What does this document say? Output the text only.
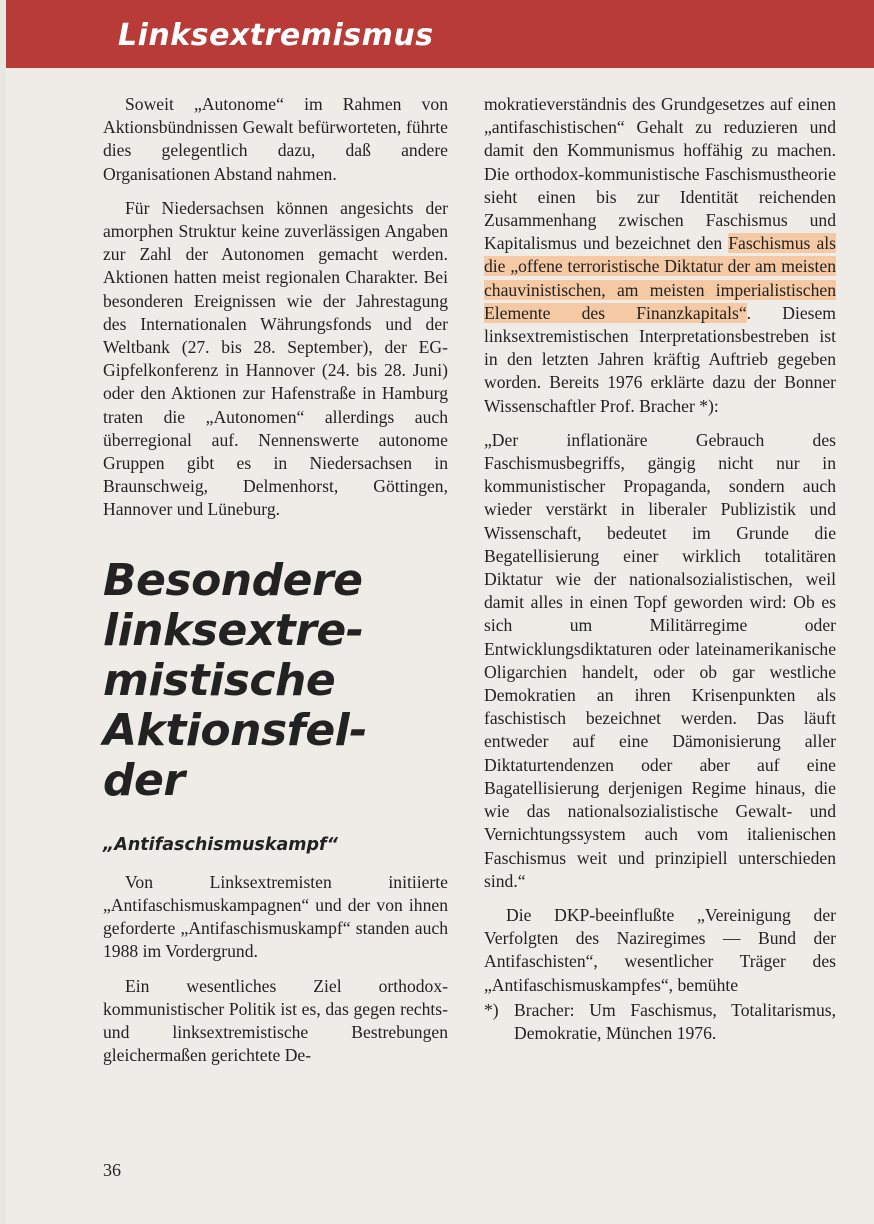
Linksextremismus

Soweit „Autonome“ im Rahmen von Aktionsbündnissen Gewalt befürworteten, führte dies gelegentlich dazu, daß andere Organisationen Abstand nahmen.

Für Niedersachsen können angesichts der amorphen Struktur keine zuverlässigen Angaben zur Zahl der Autonomen gemacht werden. Aktionen hatten meist regionalen Charakter. Bei besonderen Ereignissen wie der Jahrestagung des Internationalen Währungsfonds und der Weltbank (27. bis 28. September), der EG-Gipfelkonferenz in Hannover (24. bis 28. Juni) oder den Aktionen zur Hafenstraße in Hamburg traten die „Autonomen“ allerdings auch überregional auf. Nennenswerte autonome Gruppen gibt es in Niedersachsen in Braunschweig, Delmenhorst, Göttingen, Hannover und Lüneburg.

Besondere
linksextre-
mistische
Aktionsfel-
der
„Antifaschismuskampf“

Von Linksextremisten initiierte „Antifaschismuskampagnen“ und der von ihnen geforderte „Antifaschismuskampf“ standen auch 1988 im Vordergrund.

Ein wesentliches Ziel orthodox-kommunistischer Politik ist es, das gegen rechts- und linksextremistische Bestrebungen gleichermaßen gerichtete De-

mokratieverständnis des Grundgesetzes auf einen „antifaschistischen“ Gehalt zu reduzieren und damit den Kommunismus hoffähig zu machen. Die orthodox-kommunistische Faschismustheorie sieht einen bis zur Identität reichenden Zusammenhang zwischen Faschismus und Kapitalismus und bezeichnet den Faschismus als die „offene terroristische Diktatur der am meisten chauvinistischen, am meisten imperialistischen Elemente des Finanzkapitals“. Diesem linksextremistischen Interpretationsbestreben ist in den letzten Jahren kräftig Auftrieb gegeben worden. Bereits 1976 erklärte dazu der Bonner Wissenschaftler Prof. Bracher *):

„Der inflationäre Gebrauch des Faschismusbegriffs, gängig nicht nur in kommunistischer Propaganda, sondern auch wieder verstärkt in liberaler Publizistik und Wissenschaft, bedeutet im Grunde die Begatellisierung einer wirklich totalitären Diktatur wie der nationalsozialistischen, weil damit alles in einen Topf geworden wird: Ob es sich um Militärregime oder Entwicklungsdiktaturen oder lateinamerikanische Oligarchien handelt, oder ob gar westliche Demokratien an ihren Krisenpunkten als faschistisch bezeichnet werden. Das läuft entweder auf eine Dämonisierung aller Diktaturtendenzen oder aber auf eine Bagatellisierung derjenigen Regime hinaus, die wie das nationalsozialistische Gewalt- und Vernichtungssystem auch vom italienischen Faschismus weit und prinzipiell unterschieden sind.“

Die DKP-beeinflußte „Vereinigung der Verfolgten des Naziregimes — Bund der Antifaschisten“, wesentlicher Träger des „Antifaschismuskampfes“, bemühte

*) Bracher: Um Faschismus, Totalitarismus, Demokratie, München 1976.
36
